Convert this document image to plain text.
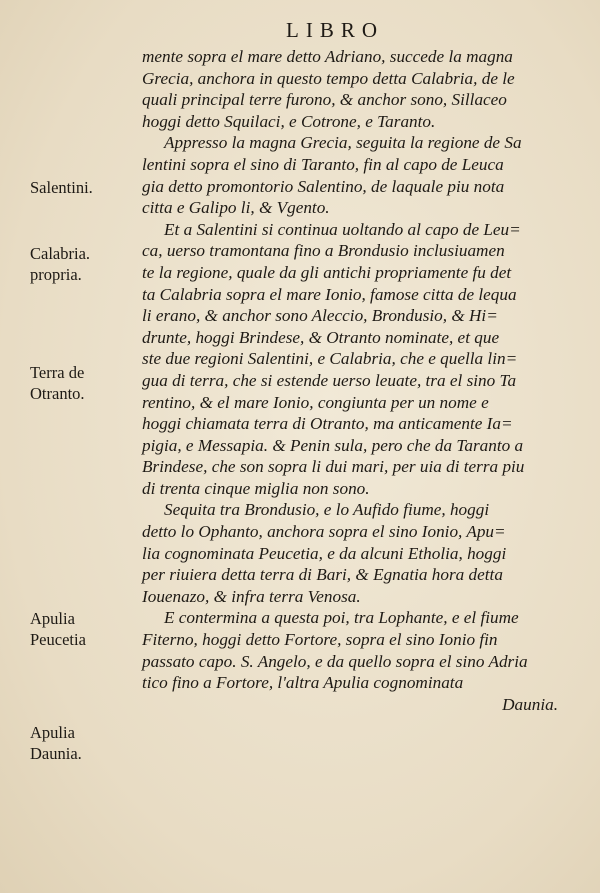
LIBRO
Salentini.
Calabria.
propria.
Terra de
Otranto.
Apulia
Peucetia
Apulia
Daunia.
mente sopra el mare detto Adriano, succede la magna
Grecia, anchora in questo tempo detta Calabria, de le
quali principal terre furono, & anchor sono, Sillaceo
hoggi detto Squilaci, e Cotrone, e Taranto.
Appresso la magna Grecia, seguita la regione de Sa
lentini sopra el sino di Taranto, fin al capo de Leuca
gia detto promontorio Salentino, de laquale piu nota
citta e Galipo li, & Vgento.
Et a Salentini si continua uoltando al capo de Leu=
ca, uerso tramontana fino a Brondusio inclusiuamen
te la regione, quale da gli antichi propriamente fu det
ta Calabria sopra el mare Ionio, famose citta de lequa
li erano, & anchor sono Aleccio, Brondusio, & Hi=
drunte, hoggi Brindese, & Otranto nominate, et que
ste due regioni Salentini, e Calabria, che e quella lin=
gua di terra, che si estende uerso leuate, tra el sino Ta
rentino, & el mare Ionio, congiunta per un nome e
hoggi chiamata terra di Otranto, ma anticamente Ia=
pigia, e Messapia. & Penin sula, pero che da Taranto a
Brindese, che son sopra li dui mari, per uia di terra piu
di trenta cinque miglia non sono.
Sequita tra Brondusio, e lo Aufido fiume, hoggi
detto lo Ophanto, anchora sopra el sino Ionio, Apu=
lia cognominata Peucetia, e da alcuni Etholia, hoggi
per riuiera detta terra di Bari, & Egnatia hora detta
Iouenazo, & infra terra Venosa.
E contermina a questa poi, tra Lophante, e el fiume
Fiterno, hoggi detto Fortore, sopra el sino Ionio fin
passato capo. S. Angelo, e da quello sopra el sino Adria
tico fino a Fortore, l'altra Apulia cognominata
Daunia.
